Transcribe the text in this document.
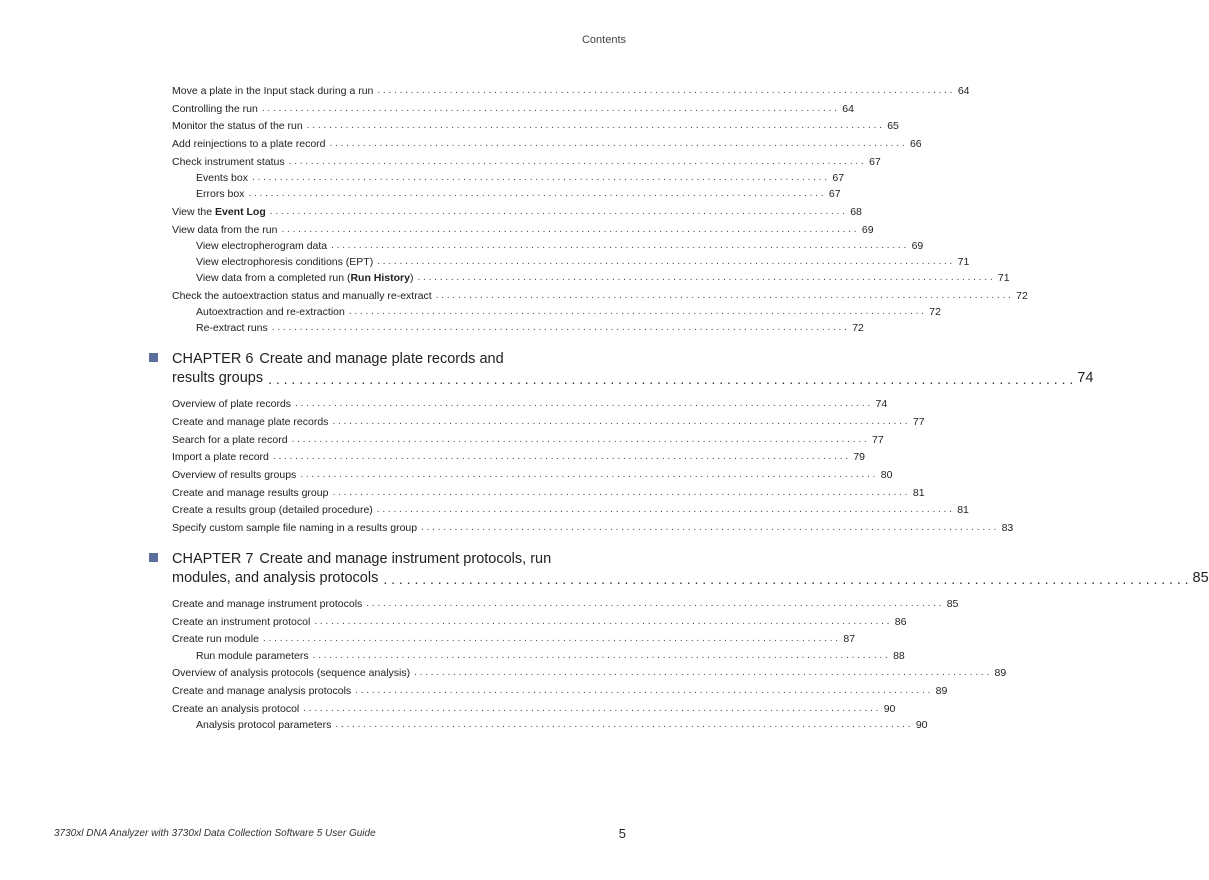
Contents
Move a plate in the Input stack during a run . . . . . . . . . . . . . . . . . . . . . . . . . . . . . . . . . . . . . . . . . . . . . . . . . . . . . . . . . . . . . . . . . . . . . . . . . . . . . . . . . . . . . . . . . . . . . . . . . . . . . . . . 64
Controlling the run . . . . . . . . . . . . . . . . . . . . . . . . . . . . . . . . . . . . . . . . . . . . . . . . . . . . . . . . . . . . . . . . . . . . . . . . . . . . . . . . . . . . . . . . . . . . . . . . . . . . . . . . 64
Monitor the status of the run . . . . . . . . . . . . . . . . . . . . . . . . . . . . . . . . . . . . . . . . . . . . . . . . . . . . . . . . . . . . . . . . . . . . . . . . . . . . . . . . . . . . . . . . . . . . . . . . . . . . . . . . 65
Add reinjections to a plate record . . . . . . . . . . . . . . . . . . . . . . . . . . . . . . . . . . . . . . . . . . . . . . . . . . . . . . . . . . . . . . . . . . . . . . . . . . . . . . . . . . . . . . . . . . . . . . . . . . . . . . . . 66
Check instrument status . . . . . . . . . . . . . . . . . . . . . . . . . . . . . . . . . . . . . . . . . . . . . . . . . . . . . . . . . . . . . . . . . . . . . . . . . . . . . . . . . . . . . . . . . . . . . . . . . . . . . . . . 67
Events box . . . . . . . . . . . . . . . . . . . . . . . . . . . . . . . . . . . . . . . . . . . . . . . . . . . . . . . . . . . . . . . . . . . . . . . . . . . . . . . . . . . . . . . . . . . . . . . . . . . . . . . . 67
Errors box . . . . . . . . . . . . . . . . . . . . . . . . . . . . . . . . . . . . . . . . . . . . . . . . . . . . . . . . . . . . . . . . . . . . . . . . . . . . . . . . . . . . . . . . . . . . . . . . . . . . . . . . 67
View the Event Log . . . . . . . . . . . . . . . . . . . . . . . . . . . . . . . . . . . . . . . . . . . . . . . . . . . . . . . . . . . . . . . . . . . . . . . . . . . . . . . . . . . . . . . . . . . . . . . . . . . . . . . . 68
View data from the run . . . . . . . . . . . . . . . . . . . . . . . . . . . . . . . . . . . . . . . . . . . . . . . . . . . . . . . . . . . . . . . . . . . . . . . . . . . . . . . . . . . . . . . . . . . . . . . . . . . . . . . . 69
View electropherogram data . . . . . . . . . . . . . . . . . . . . . . . . . . . . . . . . . . . . . . . . . . . . . . . . . . . . . . . . . . . . . . . . . . . . . . . . . . . . . . . . . . . . . . . . . . . . . . . . . . . . . . . . 69
View electrophoresis conditions (EPT) . . . . . . . . . . . . . . . . . . . . . . . . . . . . . . . . . . . . . . . . . . . . . . . . . . . . . . . . . . . . . . . . . . . . . . . . . . . . . . . . . . . . . . . . . . . . . . . . . . . . . . . . 71
View data from a completed run (Run History) . . . . . . . . . . . . . . . . . . . . . . . . . . . . . . . . . . . . . . . . . . . . . . . . . . . . . . . . . . . . . . . . . . . . . . . . . . . . . . . . . . . . . . . . . . . . . . . . . . . . . . . . 71
Check the autoextraction status and manually re-extract . . . . . . . . . . . . . . . . . . . . . . . . . . . . . . . . . . . . . . . . . . . . . . . . . . . . . . . . . . . . . . . . . . . . . . . . . . . . . . . . . . . . . . . . . . . . . . . . . . . . . . . . 72
Autoextraction and re-extraction . . . . . . . . . . . . . . . . . . . . . . . . . . . . . . . . . . . . . . . . . . . . . . . . . . . . . . . . . . . . . . . . . . . . . . . . . . . . . . . . . . . . . . . . . . . . . . . . . . . . . . . . 72
Re-extract runs . . . . . . . . . . . . . . . . . . . . . . . . . . . . . . . . . . . . . . . . . . . . . . . . . . . . . . . . . . . . . . . . . . . . . . . . . . . . . . . . . . . . . . . . . . . . . . . . . . . . . . . . 72
CHAPTER 6 Create and manage plate records and
results groups . . . . . . . . . . . . . . . . . . . . . . . . . . . . . . . . . . . . . . . . . . . . . . . . . . . . . . . . . . . . . . . . . . . . . . . . . . . . . . . . . . . . . . . . . . . . . . . . . . . . . . . . 74
Overview of plate records . . . . . . . . . . . . . . . . . . . . . . . . . . . . . . . . . . . . . . . . . . . . . . . . . . . . . . . . . . . . . . . . . . . . . . . . . . . . . . . . . . . . . . . . . . . . . . . . . . . . . . . . 74
Create and manage plate records . . . . . . . . . . . . . . . . . . . . . . . . . . . . . . . . . . . . . . . . . . . . . . . . . . . . . . . . . . . . . . . . . . . . . . . . . . . . . . . . . . . . . . . . . . . . . . . . . . . . . . . . 77
Search for a plate record . . . . . . . . . . . . . . . . . . . . . . . . . . . . . . . . . . . . . . . . . . . . . . . . . . . . . . . . . . . . . . . . . . . . . . . . . . . . . . . . . . . . . . . . . . . . . . . . . . . . . . . . 77
Import a plate record . . . . . . . . . . . . . . . . . . . . . . . . . . . . . . . . . . . . . . . . . . . . . . . . . . . . . . . . . . . . . . . . . . . . . . . . . . . . . . . . . . . . . . . . . . . . . . . . . . . . . . . . 79
Overview of results groups . . . . . . . . . . . . . . . . . . . . . . . . . . . . . . . . . . . . . . . . . . . . . . . . . . . . . . . . . . . . . . . . . . . . . . . . . . . . . . . . . . . . . . . . . . . . . . . . . . . . . . . . 80
Create and manage results group . . . . . . . . . . . . . . . . . . . . . . . . . . . . . . . . . . . . . . . . . . . . . . . . . . . . . . . . . . . . . . . . . . . . . . . . . . . . . . . . . . . . . . . . . . . . . . . . . . . . . . . . 81
Create a results group (detailed procedure) . . . . . . . . . . . . . . . . . . . . . . . . . . . . . . . . . . . . . . . . . . . . . . . . . . . . . . . . . . . . . . . . . . . . . . . . . . . . . . . . . . . . . . . . . . . . . . . . . . . . . . . . 81
Specify custom sample file naming in a results group . . . . . . . . . . . . . . . . . . . . . . . . . . . . . . . . . . . . . . . . . . . . . . . . . . . . . . . . . . . . . . . . . . . . . . . . . . . . . . . . . . . . . . . . . . . . . . . . . . . . . . . . 83
CHAPTER 7 Create and manage instrument protocols, run
modules, and analysis protocols . . . . . . . . . . . . . . . . . . . . . . . . . . . . . . . . . . . . . . . . . . . . . . . . . . . . . . . . . . . . . . . . . . . . . . . . . . . . . . . . . . . . . . . . . . . . . . . . . . . . . . . . 85
Create and manage instrument protocols . . . . . . . . . . . . . . . . . . . . . . . . . . . . . . . . . . . . . . . . . . . . . . . . . . . . . . . . . . . . . . . . . . . . . . . . . . . . . . . . . . . . . . . . . . . . . . . . . . . . . . . . 85
Create an instrument protocol . . . . . . . . . . . . . . . . . . . . . . . . . . . . . . . . . . . . . . . . . . . . . . . . . . . . . . . . . . . . . . . . . . . . . . . . . . . . . . . . . . . . . . . . . . . . . . . . . . . . . . . . 86
Create run module . . . . . . . . . . . . . . . . . . . . . . . . . . . . . . . . . . . . . . . . . . . . . . . . . . . . . . . . . . . . . . . . . . . . . . . . . . . . . . . . . . . . . . . . . . . . . . . . . . . . . . . . 87
Run module parameters . . . . . . . . . . . . . . . . . . . . . . . . . . . . . . . . . . . . . . . . . . . . . . . . . . . . . . . . . . . . . . . . . . . . . . . . . . . . . . . . . . . . . . . . . . . . . . . . . . . . . . . . 88
Overview of analysis protocols (sequence analysis) . . . . . . . . . . . . . . . . . . . . . . . . . . . . . . . . . . . . . . . . . . . . . . . . . . . . . . . . . . . . . . . . . . . . . . . . . . . . . . . . . . . . . . . . . . . . . . . . . . . . . . . . 89
Create and manage analysis protocols . . . . . . . . . . . . . . . . . . . . . . . . . . . . . . . . . . . . . . . . . . . . . . . . . . . . . . . . . . . . . . . . . . . . . . . . . . . . . . . . . . . . . . . . . . . . . . . . . . . . . . . . 89
Create an analysis protocol . . . . . . . . . . . . . . . . . . . . . . . . . . . . . . . . . . . . . . . . . . . . . . . . . . . . . . . . . . . . . . . . . . . . . . . . . . . . . . . . . . . . . . . . . . . . . . . . . . . . . . . . 90
Analysis protocol parameters . . . . . . . . . . . . . . . . . . . . . . . . . . . . . . . . . . . . . . . . . . . . . . . . . . . . . . . . . . . . . . . . . . . . . . . . . . . . . . . . . . . . . . . . . . . . . . . . . . . . . . . . 90
3730xl DNA Analyzer with 3730xl Data Collection Software 5 User Guide	5
